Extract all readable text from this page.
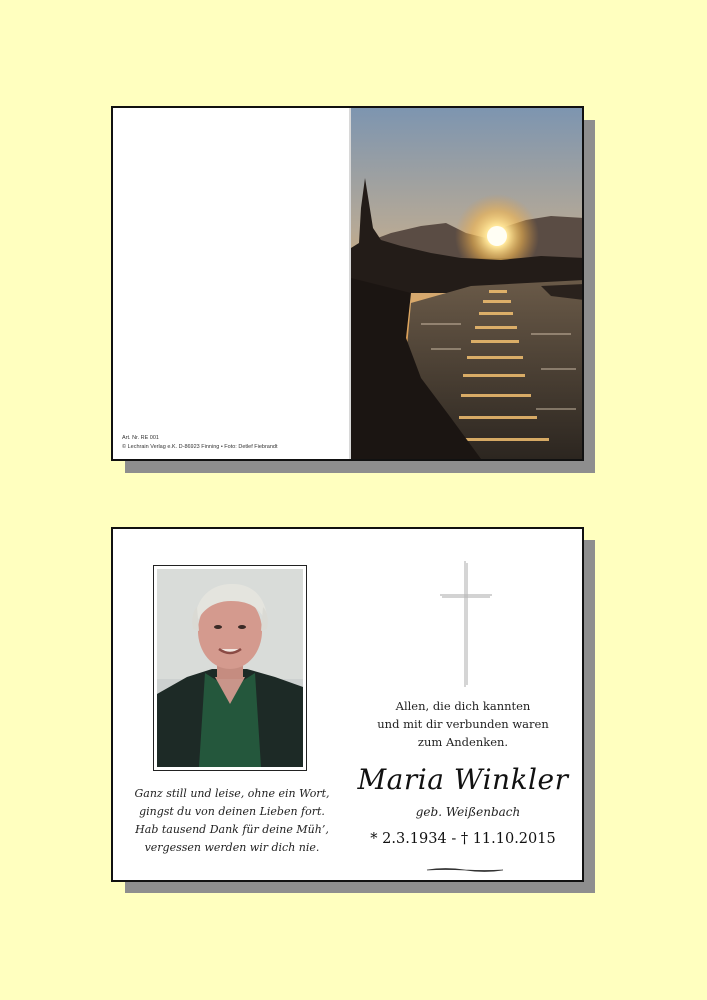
Art. Nr. RE 001
© Lechrain Verlag e.K. D-86923 Finning • Foto: Detlef Fiebrandt
Ganz still und leise, ohne ein Wort,
gingst du von deinen Lieben fort.
Hab tausend Dank für deine Müh’,
vergessen werden wir dich nie.
Allen, die dich kannten
und mit dir verbunden waren
zum Andenken.
Maria Winkler
geb. Weißenbach
* 2.3.1934 - † 11.10.2015
